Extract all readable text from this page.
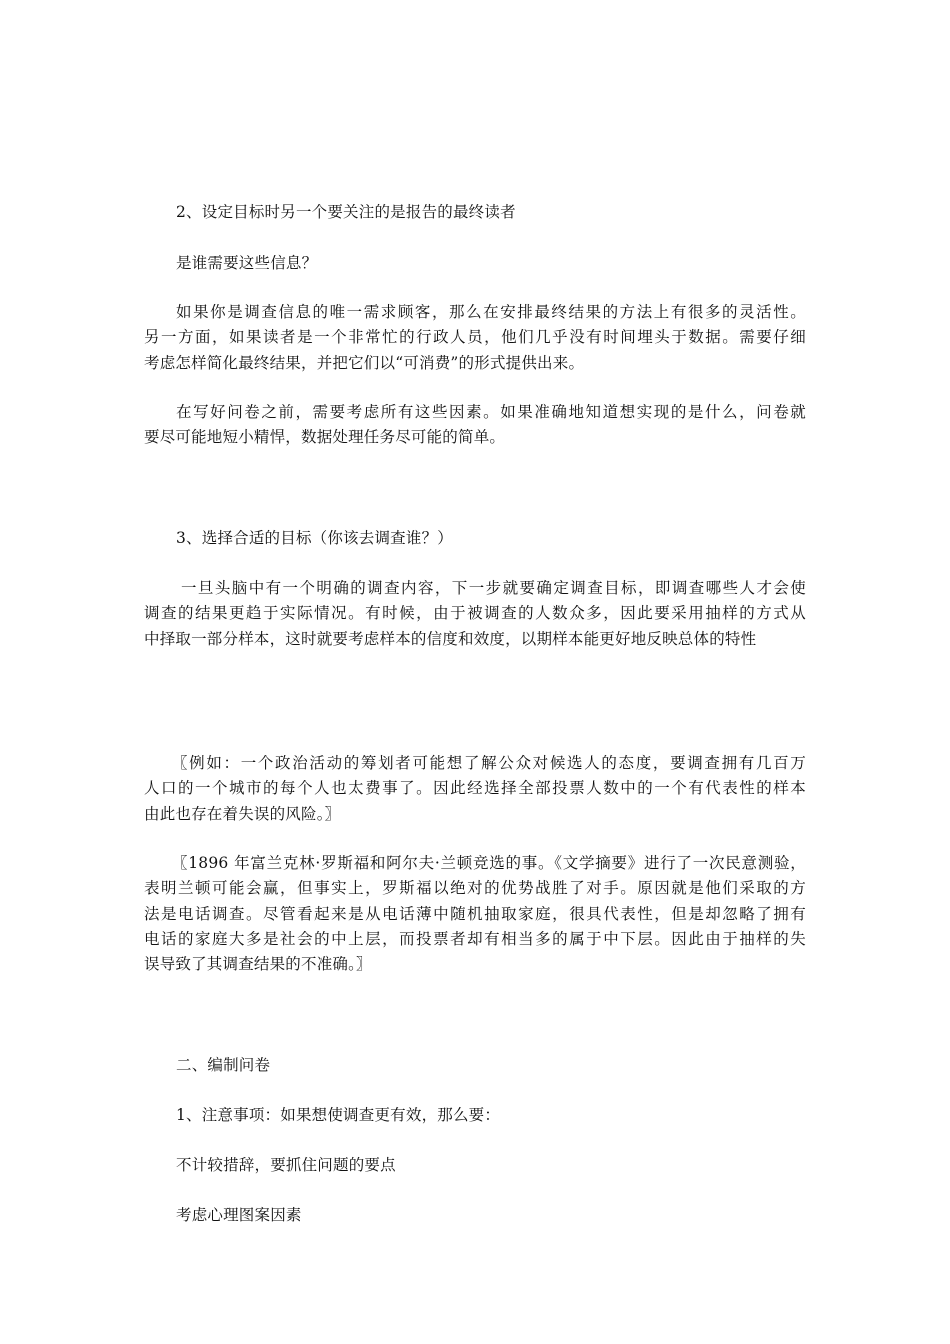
2、设定目标时另一个要关注的是报告的最终读者
是谁需要这些信息？
如果你是调查信息的唯一需求顾客，那么在安排最终结果的方法上有很多的灵活性。
另一方面，如果读者是一个非常忙的行政人员，他们几乎没有时间埋头于数据。需要仔细
考虑怎样简化最终结果，并把它们以“可消费”的形式提供出来。
在写好问卷之前，需要考虑所有这些因素。如果准确地知道想实现的是什么，问卷就
要尽可能地短小精悍，数据处理任务尽可能的简单。
3、选择合适的目标（你该去调查谁？）
一旦头脑中有一个明确的调查内容，下一步就要确定调查目标，即调查哪些人才会使
调查的结果更趋于实际情况。有时候，由于被调查的人数众多，因此要采用抽样的方式从
中择取一部分样本，这时就要考虑样本的信度和效度，以期样本能更好地反映总体的特性
〖例如：一个政治活动的筹划者可能想了解公众对候选人的态度，要调查拥有几百万
人口的一个城市的每个人也太费事了。因此经选择全部投票人数中的一个有代表性的样本
由此也存在着失误的风险。〗
〖1896 年富兰克林·罗斯福和阿尔夫·兰顿竞选的事。《文学摘要》进行了一次民意测验，
表明兰顿可能会赢，但事实上，罗斯福以绝对的优势战胜了对手。原因就是他们采取的方
法是电话调查。尽管看起来是从电话薄中随机抽取家庭，很具代表性，但是却忽略了拥有
电话的家庭大多是社会的中上层，而投票者却有相当多的属于中下层。因此由于抽样的失
误导致了其调查结果的不准确。〗
二、编制问卷
1、注意事项：如果想使调查更有效，那么要：
不计较措辞，要抓住问题的要点
考虑心理图案因素
